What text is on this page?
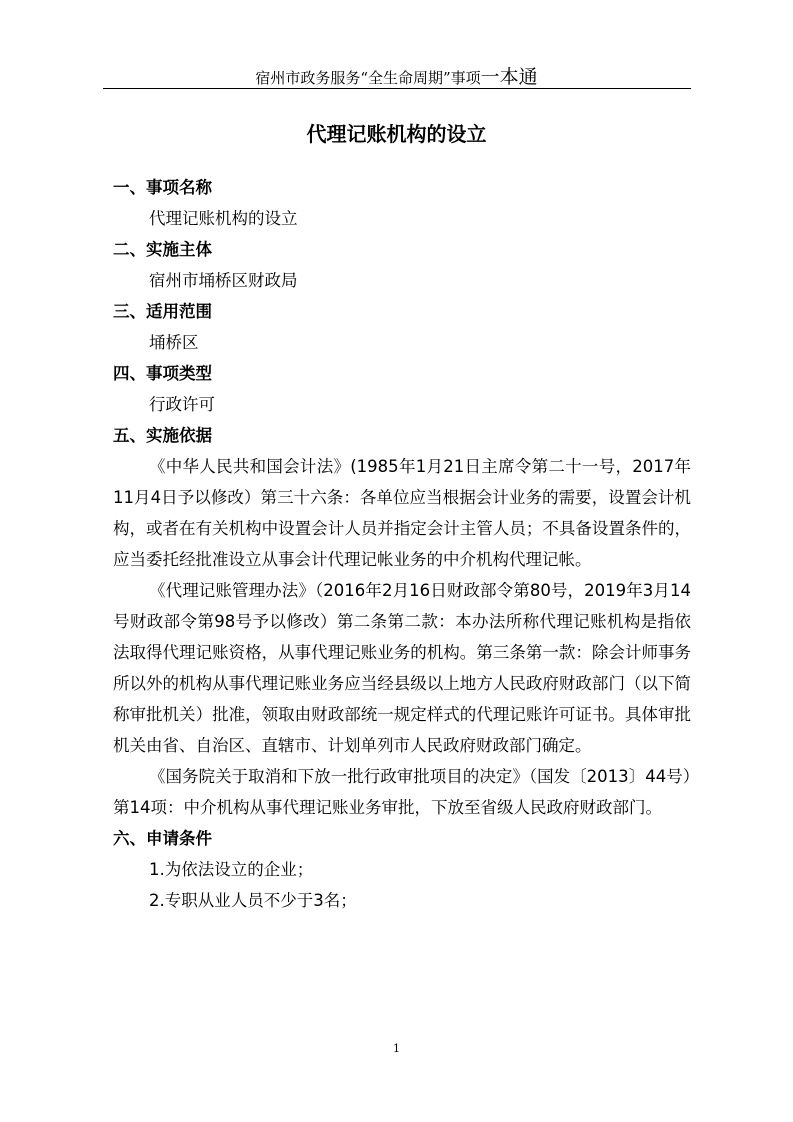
宿州市政务服务“全生命周期”事项一本通
代理记账机构的设立
一、事项名称
代理记账机构的设立
二、实施主体
宿州市埇桥区财政局
三、适用范围
埇桥区
四、事项类型
行政许可
五、实施依据
《中华人民共和国会计法》(1985年1月21日主席令第二十一号，2017年11月4日予以修改）第三十六条：各单位应当根据会计业务的需要，设置会计机构，或者在有关机构中设置会计人员并指定会计主管人员；不具备设置条件的，应当委托经批准设立从事会计代理记帐业务的中介机构代理记帐。
《代理记账管理办法》（2016年2月16日财政部令第80号，2019年3月14号财政部令第98号予以修改）第二条第二款：本办法所称代理记账机构是指依法取得代理记账资格，从事代理记账业务的机构。第三条第一款：除会计师事务所以外的机构从事代理记账业务应当经县级以上地方人民政府财政部门（以下简称审批机关）批准，领取由财政部统一规定样式的代理记账许可证书。具体审批机关由省、自治区、直辖市、计划单列市人民政府财政部门确定。
《国务院关于取消和下放一批行政审批项目的决定》（国发〔2013〕44号）第14项：中介机构从事代理记账业务审批，下放至省级人民政府财政部门。
六、申请条件
1.为依法设立的企业；
2.专职从业人员不少于3名；
1
